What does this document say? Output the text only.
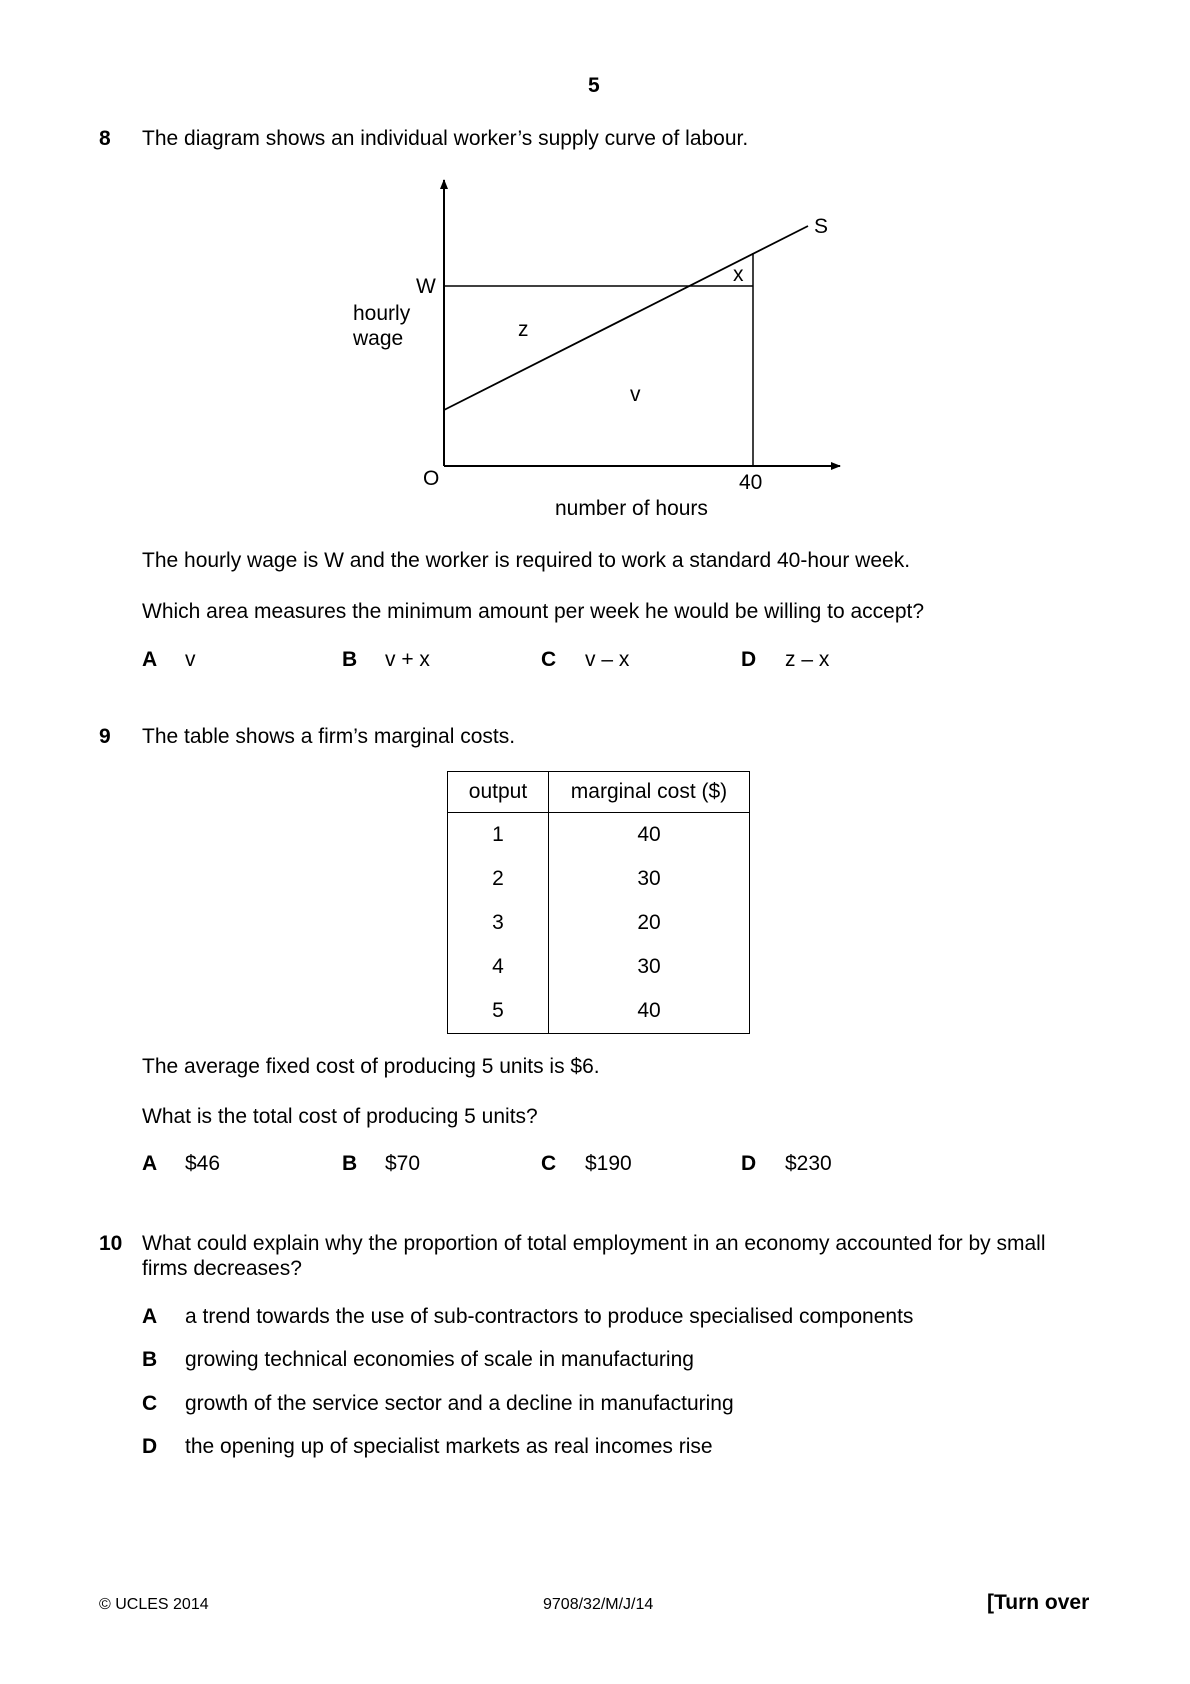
5
8 The diagram shows an individual worker’s supply curve of labour.
W
hourly
wage
O	40
number of hours
S
z
v
x
The hourly wage is W and the worker is required to work a standard 40-hour week.
Which area measures the minimum amount per week he would be willing to accept?
A v	B v + x	C v – x	D z – x
9 The table shows a firm’s marginal costs.
output	marginal cost ($)
1	40
2	30
3	20
4	30
5	40
The average fixed cost of producing 5 units is $6.
What is the total cost of producing 5 units?
A $46	B $70	C $190	D $230
10 What could explain why the proportion of total employment in an economy accounted for by small
firms decreases?
A a trend towards the use of sub-contractors to produce specialised components
B growing technical economies of scale in manufacturing
C growth of the service sector and a decline in manufacturing
D the opening up of specialist markets as real incomes rise
© UCLES 2014	9708/32/M/J/14	[Turn over
